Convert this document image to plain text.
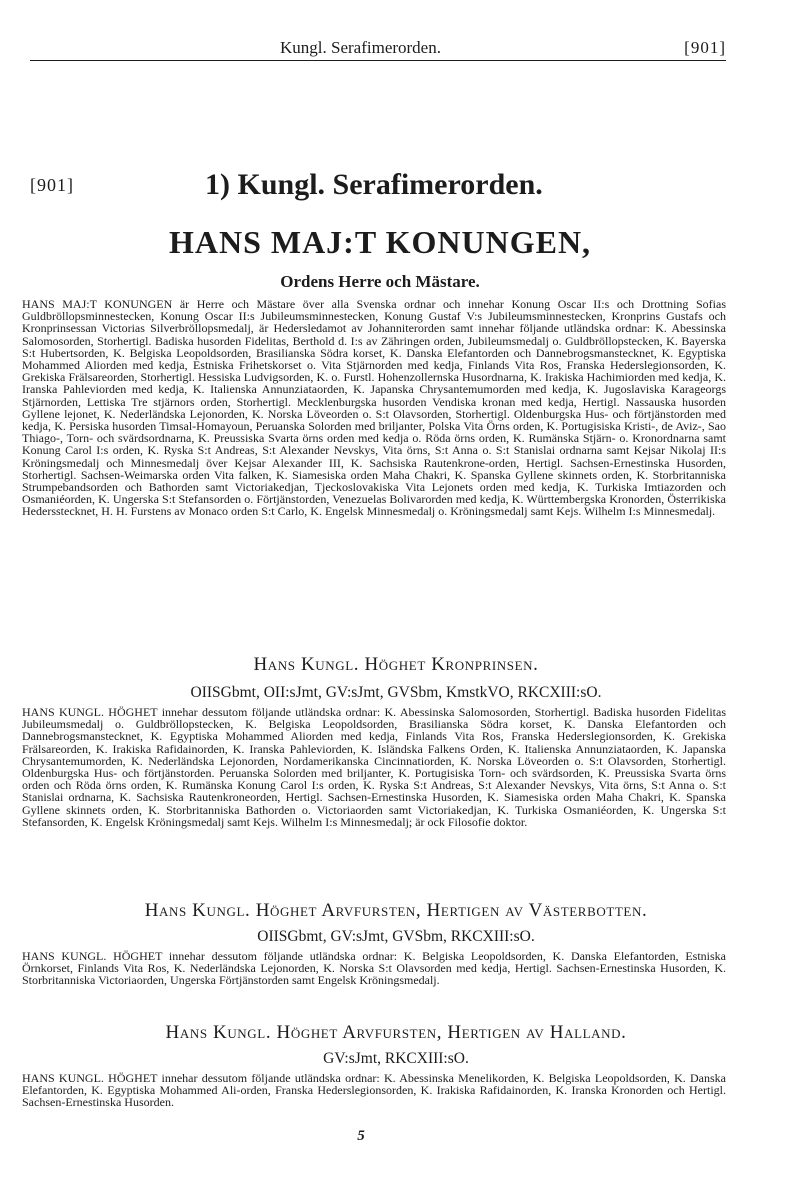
Kungl. Serafimerorden.	[901]
[901]	1) Kungl. Serafimerorden.
HANS MAJ:T KONUNGEN,
Ordens Herre och Mästare.
HANS MAJ:T KONUNGEN är Herre och Mästare över alla Svenska ordnar och innehar Konung Oscar II:s och Drottning Sofias Guldbröllopsminnestecken, Konung Oscar II:s Jubileumsminnestecken, Konung Gustaf V:s Jubileumsminnestecken, Kronprins Gustafs och Kronprinsessan Victorias Silverbröllopsmedalj, är Hedersledamot av Johanniterorden samt innehar följande utländska ordnar: K. Abessinska Salomosorden, Storhertigl. Badiska husorden Fidelitas, Berthold d. I:s av Zähringen orden, Jubileumsmedalj o. Guldbröllopstecken, K. Bayerska S:t Hubertsorden, K. Belgiska Leopoldsorden, Brasilianska Södra korset, K. Danska Elefantorden och Dannebrogsmanstecknet, K. Egyptiska Mohammed Aliorden med kedja, Estniska Frihetskorset o. Vita Stjärnorden med kedja, Finlands Vita Ros, Franska Hederslegionsorden, K. Grekiska Frälsareorden, Storhertigl. Hessiska Ludvigsorden, K. o. Furstl. Hohenzollernska Husordnarna, K. Irakiska Hachimiorden med kedja, K. Iranska Pahleviorden med kedja, K. Italienska Annunziataorden, K. Japanska Chrysantemumorden med kedja, K. Jugoslaviska Karageorgs Stjärnorden, Lettiska Tre stjärnors orden, Storhertigl. Mecklenburgska husorden Vendiska kronan med kedja, Hertigl. Nassauska husorden Gyllene lejonet, K. Nederländska Lejonorden, K. Norska Löveorden o. S:t Olavsorden, Storhertigl. Oldenburgska Hus- och förtjänstorden med kedja, K. Persiska husorden Timsal-Homayoun, Peruanska Solorden med briljanter, Polska Vita Örns orden, K. Portugisiska Kristi-, de Aviz-, Sao Thiago-, Torn- och svärdsordnarna, K. Preussiska Svarta örns orden med kedja o. Röda örns orden, K. Rumänska Stjärn- o. Kronordnarna samt Konung Carol I:s orden, K. Ryska S:t Andreas, S:t Alexander Nevskys, Vita örns, S:t Anna o. S:t Stanislai ordnarna samt Kejsar Nikolaj II:s Kröningsmedalj och Minnesmedalj över Kejsar Alexander III, K. Sachsiska Rautenkrone-orden, Hertigl. Sachsen-Ernestinska Husorden, Storhertigl. Sachsen-Weimarska orden Vita falken, K. Siamesiska orden Maha Chakri, K. Spanska Gyllene skinnets orden, K. Storbritanniska Strumpebandsorden och Bathorden samt Victoriakedjan, Tjeckoslovakiska Vita Lejonets orden med kedja, K. Turkiska Imtiazorden och Osmaniéorden, K. Ungerska S:t Stefansorden o. Förtjänstorden, Venezuelas Bolivarorden med kedja, K. Württembergska Kronorden, Österrikiska Hedersstecknet, H. H. Furstens av Monaco orden S:t Carlo, K. Engelsk Minnesmedalj o. Kröningsmedalj samt Kejs. Wilhelm I:s Minnesmedalj.
Hans Kungl. Höghet Kronprinsen.
OIISGbmt, OII:sJmt, GV:sJmt, GVSbm, KmstkVO, RKCXIII:sO.
HANS KUNGL. HÖGHET innehar dessutom följande utländska ordnar: K. Abessinska Salomosorden, Storhertigl. Badiska husorden Fidelitas Jubileumsmedalj o. Guldbröllopstecken, K. Belgiska Leopoldsorden, Brasilianska Södra korset, K. Danska Elefantorden och Dannebrogsmanstecknet, K. Egyptiska Mohammed Aliorden med kedja, Finlands Vita Ros, Franska Hederslegionsorden, K. Grekiska Frälsareorden, K. Irakiska Rafidainorden, K. Iranska Pahleviorden, K. Isländska Falkens Orden, K. Italienska Annunziataorden, K. Japanska Chrysantemumorden, K. Nederländska Lejonorden, Nordamerikanska Cincinnatiorden, K. Norska Löveorden o. S:t Olavsorden, Storhertigl. Oldenburgska Hus- och förtjänstorden. Peruanska Solorden med briljanter, K. Portugisiska Torn- och svärdsorden, K. Preussiska Svarta örns orden och Röda örns orden, K. Rumänska Konung Carol I:s orden, K. Ryska S:t Andreas, S:t Alexander Nevskys, Vita örns, S:t Anna o. S:t Stanislai ordnarna, K. Sachsiska Rautenkroneorden, Hertigl. Sachsen-Ernestinska Husorden, K. Siamesiska orden Maha Chakri, K. Spanska Gyllene skinnets orden, K. Storbritanniska Bathorden o. Victoriaorden samt Victoriakedjan, K. Turkiska Osmaniéorden, K. Ungerska S:t Stefansorden, K. Engelsk Kröningsmedalj samt Kejs. Wilhelm I:s Minnesmedalj; är ock Filosofie doktor.
Hans Kungl. Höghet Arvfursten, Hertigen av Västerbotten.
OIISGbmt, GV:sJmt, GVSbm, RKCXIII:sO.
HANS KUNGL. HÖGHET innehar dessutom följande utländska ordnar: K. Belgiska Leopoldsorden, K. Danska Elefantorden, Estniska Örnkorset, Finlands Vita Ros, K. Nederländska Lejonorden, K. Norska S:t Olavsorden med kedja, Hertigl. Sachsen-Ernestinska Husorden, K. Storbritanniska Victoriaorden, Ungerska Förtjänstorden samt Engelsk Kröningsmedalj.
Hans Kungl. Höghet Arvfursten, Hertigen av Halland.
GV:sJmt, RKCXIII:sO.
HANS KUNGL. HÖGHET innehar dessutom följande utländska ordnar: K. Abessinska Menelikorden, K. Belgiska Leopoldsorden, K. Danska Elefantorden, K. Egyptiska Mohammed Ali-orden, Franska Hederslegionsorden, K. Irakiska Rafidainorden, K. Iranska Kronorden och Hertigl. Sachsen-Ernestinska Husorden.
5
